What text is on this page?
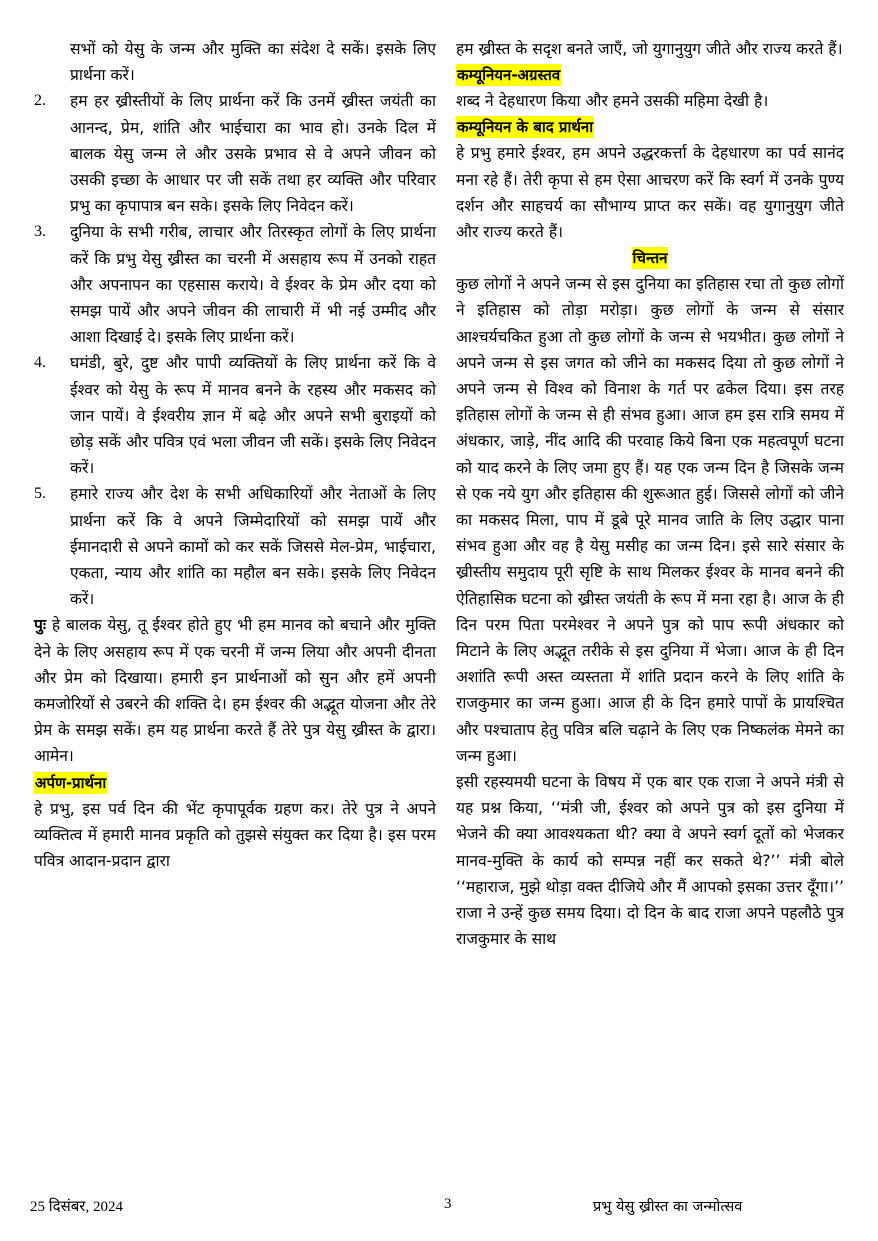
सभों को येसु के जन्म और मुक्ति का संदेश दे सकें। इसके लिए प्रार्थना करें।
2.	हम हर ख्रीस्तीयों के लिए प्रार्थना करें कि उनमें ख्रीस्त जयंती का आनन्द, प्रेम, शांति और भाईचारा का भाव हो। उनके दिल में बालक येसु जन्म ले और उसके प्रभाव से वे अपने जीवन को उसकी इच्छा के आधार पर जी सकें तथा हर व्यक्ति और परिवार प्रभु का कृपापात्र बन सके। इसके लिए निवेदन करें।
3.	दुनिया के सभी गरीब, लाचार और तिरस्कृत लोगों के लिए प्रार्थना करें कि प्रभु येसु ख्रीस्त का चरनी में असहाय रूप में उनको राहत और अपनापन का एहसास कराये। वे ईश्वर के प्रेम और दया को समझ पायें और अपने जीवन की लाचारी में भी नई उम्मीद और आशा दिखाई दे। इसके लिए प्रार्थना करें।
4.	घमंडी, बुरे, दुष्ट और पापी व्यक्तियों के लिए प्रार्थना करें कि वे ईश्वर को येसु के रूप में मानव बनने के रहस्य और मकसद को जान पायें। वे ईश्वरीय ज्ञान में बढ़े और अपने सभी बुराइयों को छोड़ सकें और पवित्र एवं भला जीवन जी सकें। इसके लिए निवेदन करें।
5.	हमारे राज्य और देश के सभी अधिकारियों और नेताओं के लिए प्रार्थना करें कि वे अपने जिम्मेदारियों को समझ पायें और ईमानदारी से अपने कामों को कर सकें जिससे मेल-प्रेम, भाईचारा, एकता, न्याय और शांति का महौल बन सके। इसके लिए निवेदन करें।

पुः हे बालक येसु, तू ईश्वर होते हुए भी हम मानव को बचाने और मुक्ति देने के लिए असहाय रूप में एक चरनी में जन्म लिया और अपनी दीनता और प्रेम को दिखाया। हमारी इन प्रार्थनाओं को सुन और हमें अपनी कमजोरियों से उबरने की शक्ति दे। हम ईश्वर की अद्भूत योजना और तेरे प्रेम के समझ सकें। हम यह प्रार्थना करते हैं तेरे पुत्र येसु ख्रीस्त के द्वारा। आमेन।

अर्पण-प्रार्थना

हे प्रभु, इस पर्व दिन की भेंट कृपापूर्वक ग्रहण कर। तेरे पुत्र ने अपने व्यक्तित्व में हमारी मानव प्रकृति को तुझसे संयुक्त कर दिया है। इस परम पवित्र आदान-प्रदान द्वारा

हम ख्रीस्त के सदृश बनते जाएँ, जो युगानुयुग जीते और राज्य करते हैं।

कम्यूनियन-अग्रस्तव

शब्द ने देहधारण किया और हमने उसकी महिमा देखी है।

कम्यूनियन के बाद प्रार्थना

हे प्रभु हमारे ईश्वर, हम अपने उद्धरकर्त्ता के देहधारण का पर्व सानंद मना रहे हैं। तेरी कृपा से हम ऐसा आचरण करें कि स्वर्ग में उनके पुण्य दर्शन और साहचर्य का सौभाग्य प्राप्त कर सकें। वह युगानुयुग जीते और राज्य करते हैं।

चिन्तन

कुछ लोगों ने अपने जन्म से इस दुनिया का इतिहास रचा तो कुछ लोगों ने इतिहास को तोड़ा मरोड़ा। कुछ लोगों के जन्म से संसार आश्चर्यचकित हुआ तो कुछ लोगों के जन्म से भयभीत। कुछ लोगों ने अपने जन्म से इस जगत को जीने का मकसद दिया तो कुछ लोगों ने अपने जन्म से विश्व को विनाश के गर्त पर ढकेल दिया। इस तरह इतिहास लोगों के जन्म से ही संभव हुआ। आज हम इस रात्रि समय में अंधकार, जाड़े, नींद आदि की परवाह किये बिना एक महत्वपूर्ण घटना को याद करने के लिए जमा हुए हैं। यह एक जन्म दिन है जिसके जन्म से एक नये युग और इतिहास की शुरूआत हुई। जिससे लोगों को जीने का मकसद मिला, पाप में डूबे पूरे मानव जाति के लिए उद्धार पाना संभव हुआ और वह है येसु मसीह का जन्म दिन। इसे सारे संसार के ख्रीस्तीय समुदाय पूरी सृष्टि के साथ मिलकर ईश्वर के मानव बनने की ऐतिहासिक घटना को ख्रीस्त जयंती के रूप में मना रहा है। आज के ही दिन परम पिता परमेश्वर ने अपने पुत्र को पाप रूपी अंधकार को मिटाने के लिए अद्भूत तरीके से इस दुनिया में भेजा। आज के ही दिन अशांति रूपी अस्त व्यस्तता में शांति प्रदान करने के लिए शांति के राजकुमार का जन्म हुआ। आज ही के दिन हमारे पापों के प्रायश्चित और पश्चाताप हेतु पवित्र बलि चढ़ाने के लिए एक निष्कलंक मेमने का जन्म हुआ।

इसी रहस्यमयी घटना के विषय में एक बार एक राजा ने अपने मंत्री से यह प्रश्न किया, ‘‘मंत्री जी, ईश्वर को अपने पुत्र को इस दुनिया में भेजने की क्या आवश्यकता थी? क्या वे अपने स्वर्ग दूतों को भेजकर मानव-मुक्ति के कार्य को सम्पन्न नहीं कर सकते थे?’’ मंत्री बोले ‘‘महाराज, मुझे थोड़ा वक्त दीजिये और मैं आपको इसका उत्तर दूँगा।’’ राजा ने उन्हें कुछ समय दिया। दो दिन के बाद राजा अपने पहलौठे पुत्र राजकुमार के साथ

25 दिसंबर, 2024	3	प्रभु येसु ख्रीस्त का जन्मोत्सव
